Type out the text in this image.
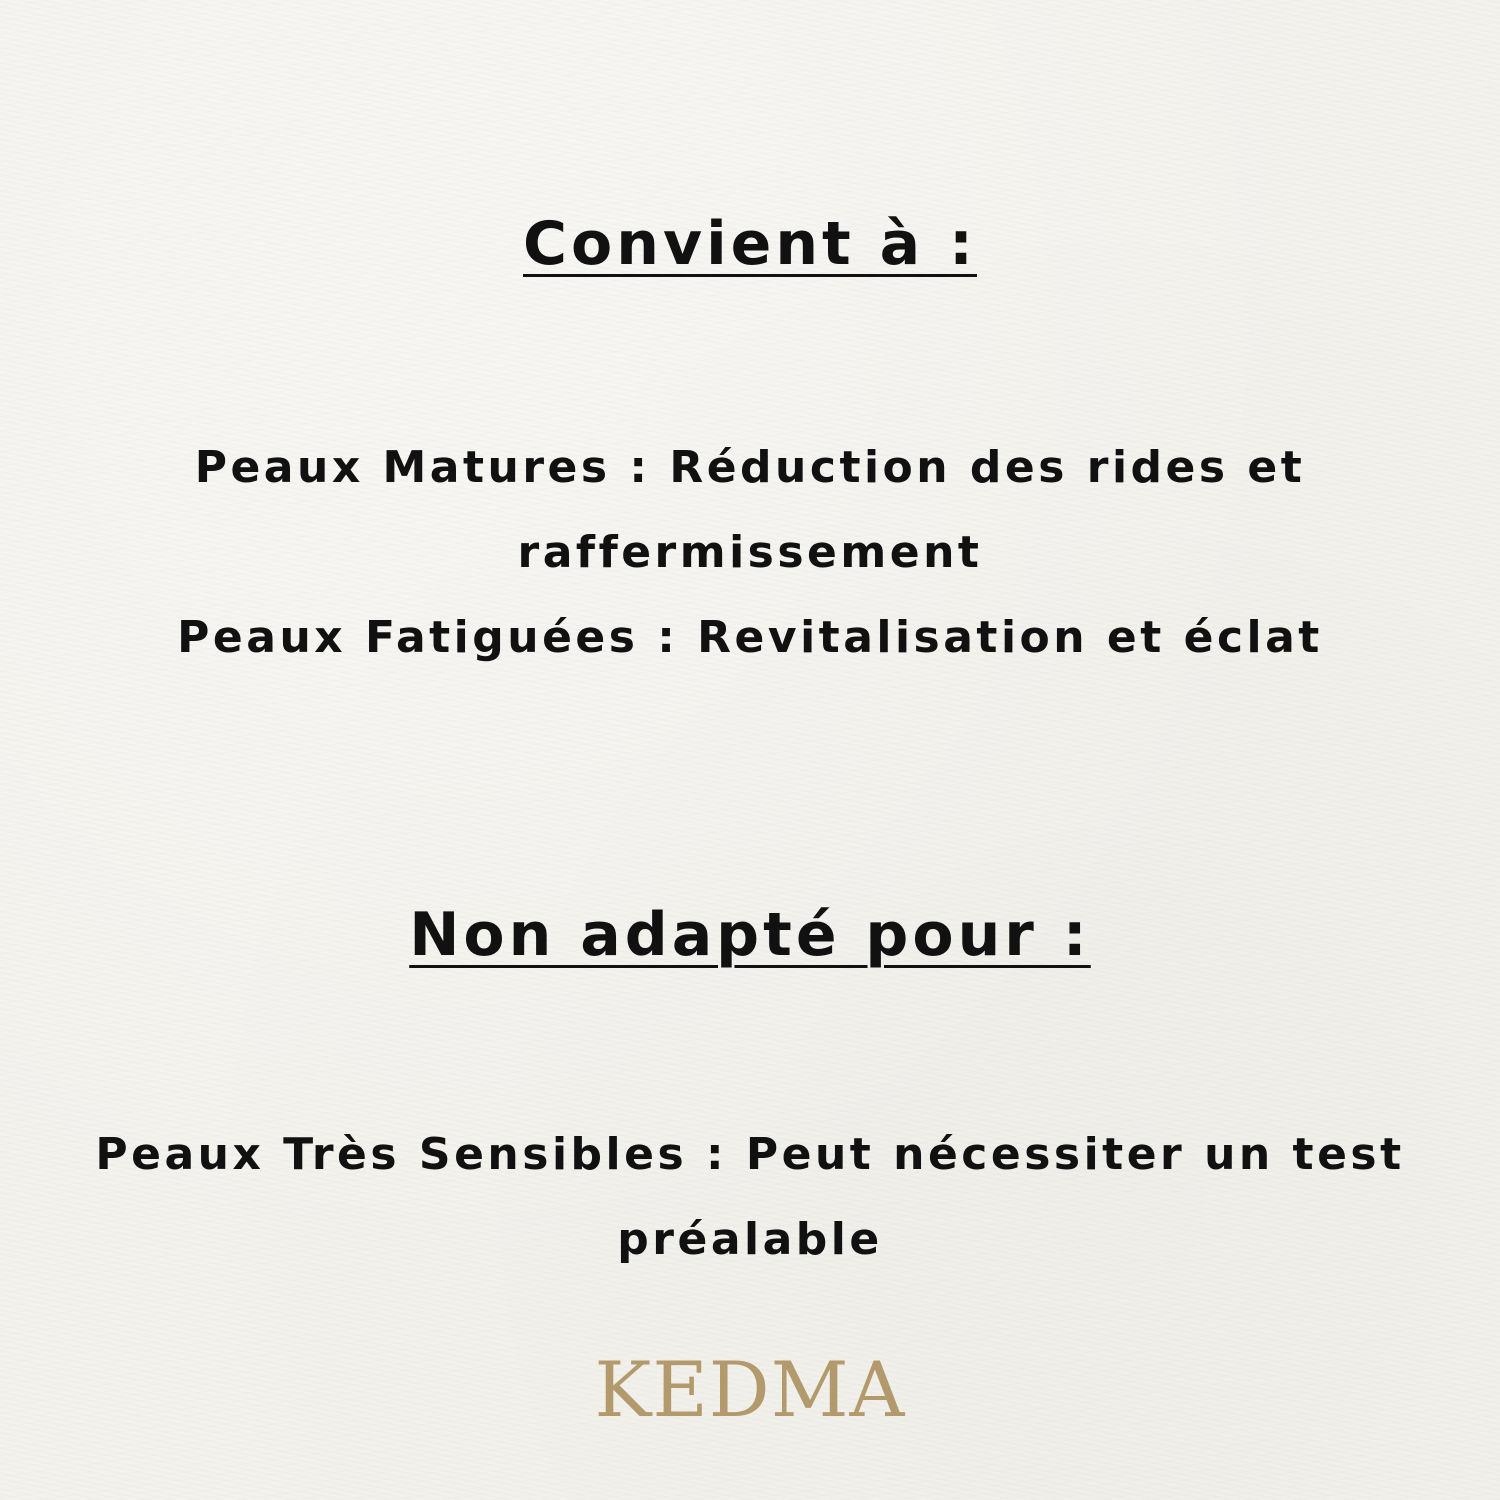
Convient à :

Peaux Matures : Réduction des rides et raffermissement

Peaux Fatiguées : Revitalisation et éclat

Non adapté pour :

Peaux Très Sensibles : Peut nécessiter un test préalable

KEDMA
